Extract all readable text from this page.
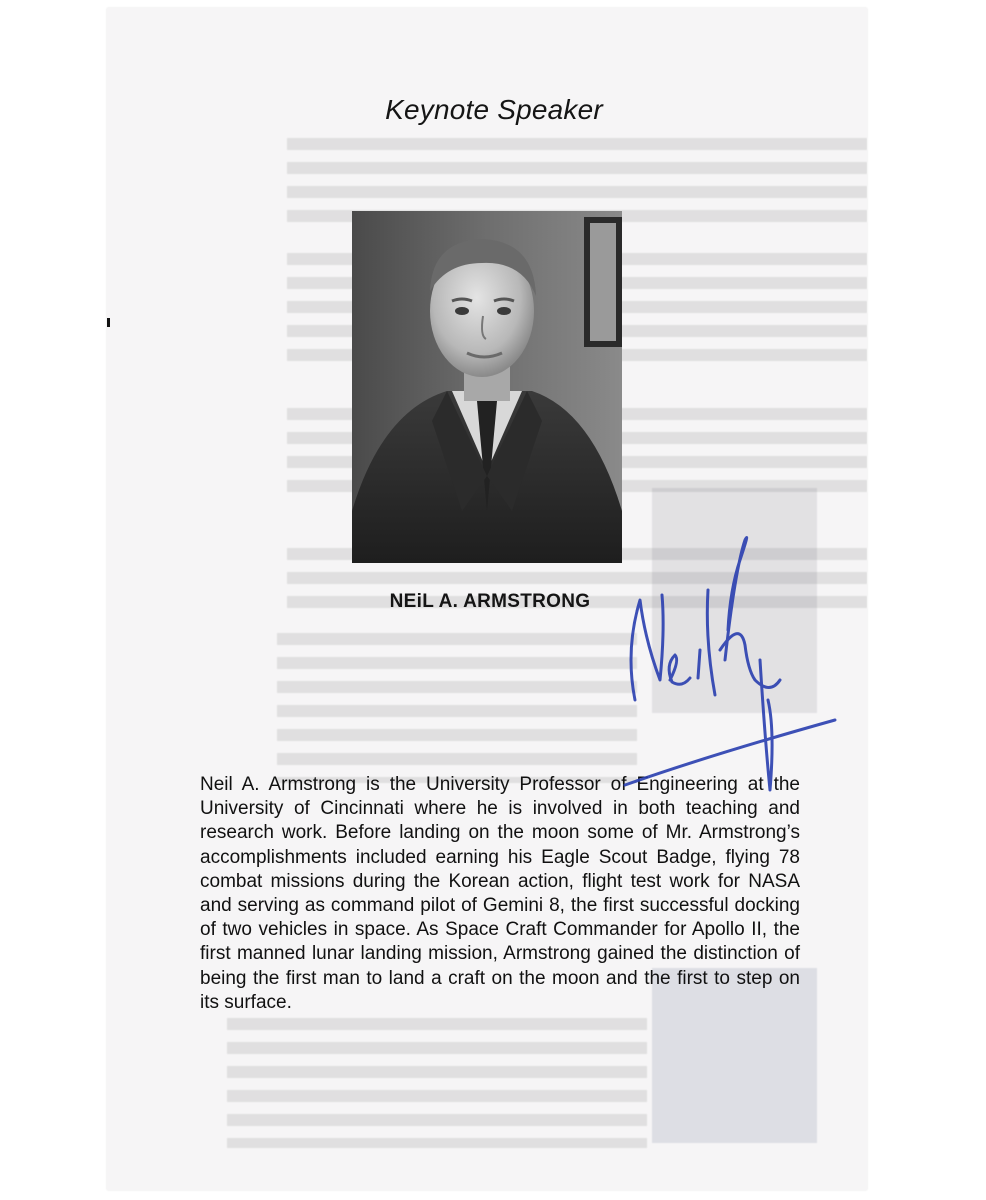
Keynote Speaker
NEiL A. ARMSTRONG

Neil A. Armstrong is the University Professor of Engineering at the University of Cincinnati where he is involved in both teaching and research work. Before landing on the moon some of Mr. Armstrong’s accomplishments included earning his Eagle Scout Badge, flying 78 combat missions during the Korean action, flight test work for NASA and serving as command pilot of Gemini 8, the first successful docking of two vehicles in space. As Space Craft Commander for Apollo II, the first manned lunar landing mission, Armstrong gained the distinction of being the first man to land a craft on the moon and the first to step on its surface.
